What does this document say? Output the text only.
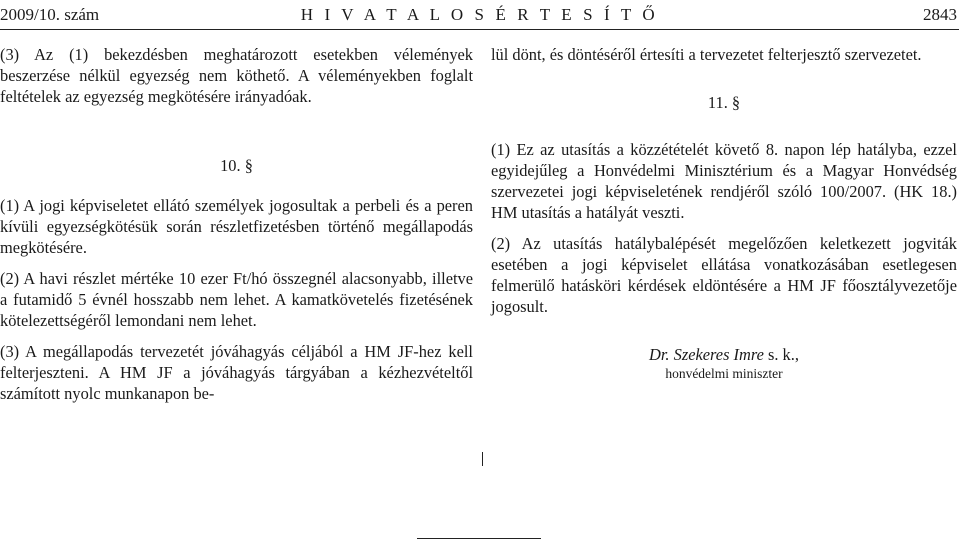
2009/10. szám	H I V A T A L O S É R T E S Í T Ő	2843

(3) Az (1) bekezdésben meghatározott esetekben vélemények beszerzése nélkül egyezség nem köthető. A véleményekben foglalt feltételek az egyezség megkötésére irányadóak.

10. §

(1) A jogi képviseletet ellátó személyek jogosultak a perbeli és a peren kívüli egyezségkötésük során részletfizetésben történő megállapodás megkötésére.

(2) A havi részlet mértéke 10 ezer Ft/hó összegnél alacsonyabb, illetve a futamidő 5 évnél hosszabb nem lehet. A kamatkövetelés fizetésének kötelezettségéről lemondani nem lehet.

(3) A megállapodás tervezetét jóváhagyás céljából a HM JF-hez kell felterjeszteni. A HM JF a jóváhagyás tárgyában a kézhezvételtől számított nyolc munkanapon be-

lül dönt, és döntéséről értesíti a tervezetet felterjesztő szervezetet.

11. §

(1) Ez az utasítás a közzétételét követő 8. napon lép hatályba, ezzel egyidejűleg a Honvédelmi Minisztérium és a Magyar Honvédség szervezetei jogi képviseletének rendjéről szóló 100/2007. (HK 18.) HM utasítás a hatályát veszti.

(2) Az utasítás hatálybalépését megelőzően keletkezett jogviták esetében a jogi képviselet ellátása vonatkozásában esetlegesen felmerülő hatásköri kérdések eldöntésére a HM JF főosztályvezetője jogosult.

Dr. Szekeres Imre s. k.,
honvédelmi miniszter
